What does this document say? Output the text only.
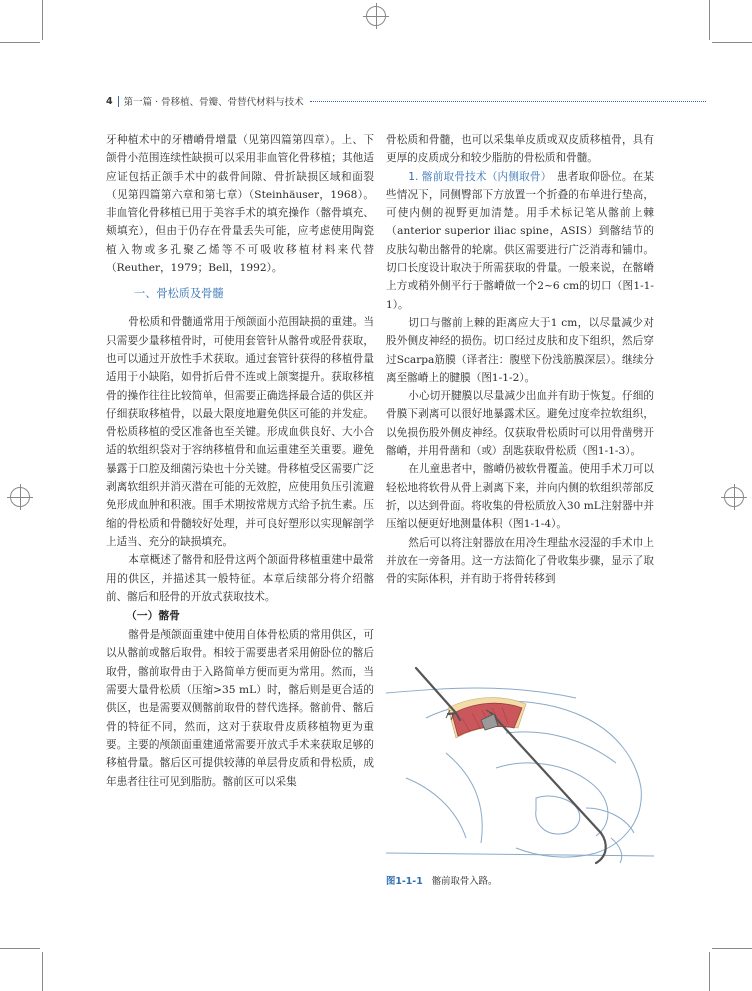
4 第一篇 · 骨移植、骨瓣、骨替代材料与技术

牙种植术中的牙槽嵴骨增量（见第四篇第四章）。上、下颌骨小范围连续性缺损可以采用非血管化骨移植；其他适应证包括正颌手术中的截骨间隙、骨折缺损区域和面裂（见第四篇第六章和第七章）（Steinhäuser，1968）。非血管化骨移植已用于美容手术的填充操作（髂骨填充、颊填充），但由于仍存在骨量丢失可能，应考虑使用陶瓷植入物或多孔聚乙烯等不可吸收移植材料来代替（Reuther，1979；Bell，1992）。

一、骨松质及骨髓

骨松质和骨髓通常用于颅颌面小范围缺损的重建。当只需要少量移植骨时，可使用套管针从髂骨或胫骨获取，也可以通过开放性手术获取。通过套管针获得的移植骨量适用于小缺陷，如骨折后骨不连或上颌窦提升。获取移植骨的操作往往比较简单，但需要正确选择最合适的供区并仔细获取移植骨，以最大限度地避免供区可能的并发症。骨松质移植的受区准备也至关键。形成血供良好、大小合适的软组织袋对于容纳移植骨和血运重建至关重要。避免暴露于口腔及细菌污染也十分关键。骨移植受区需要广泛剥离软组织并消灭潜在可能的无效腔，应使用负压引流避免形成血肿和积液。围手术期按常规方式给予抗生素。压缩的骨松质和骨髓较好处理，并可良好塑形以实现解剖学上适当、充分的缺损填充。

本章概述了髂骨和胫骨这两个颌面骨移植重建中最常用的供区，并描述其一般特征。本章后续部分将介绍髂前、髂后和胫骨的开放式获取技术。

（一）髂骨

髂骨是颅颌面重建中使用自体骨松质的常用供区，可以从髂前或髂后取骨。相较于需要患者采用俯卧位的髂后取骨，髂前取骨由于入路简单方便而更为常用。然而，当需要大量骨松质（压缩>35 mL）时，髂后则是更合适的供区，也是需要双侧髂前取骨的替代选择。髂前骨、髂后骨的特征不同，然而，这对于获取骨皮质移植物更为重要。主要的颅颌面重建通常需要开放式手术来获取足够的移植骨量。髂后区可提供较薄的单层骨皮质和骨松质，成年患者往往可见到脂肪。髂前区可以采集

骨松质和骨髓，也可以采集单皮质或双皮质移植骨，具有更厚的皮质成分和较少脂肪的骨松质和骨髓。

1. 髂前取骨技术（内侧取骨）　 患者取仰卧位。在某些情况下，同侧臀部下方放置一个折叠的布单进行垫高，可使内侧的视野更加清楚。用手术标记笔从髂前上棘（anterior superior iliac spine，ASIS）到髂结节的皮肤勾勒出髂骨的轮廓。供区需要进行广泛消毒和铺巾。切口长度设计取决于所需获取的骨量。一般来说，在髂嵴上方或稍外侧平行于髂嵴做一个2~6 cm的切口（图1-1-1）。

切口与髂前上棘的距离应大于1 cm，以尽量减少对股外侧皮神经的损伤。切口经过皮肤和皮下组织，然后穿过Scarpa筋膜（译者注：腹壁下份浅筋膜深层）。继续分离至髂嵴上的腱膜（图1-1-2）。

小心切开腱膜以尽量减少出血并有助于恢复。仔细的骨膜下剥离可以很好地暴露术区。避免过度牵拉软组织，以免损伤股外侧皮神经。仅获取骨松质时可以用骨凿劈开髂嵴，并用骨凿和（或）刮匙获取骨松质（图1-1-3）。

在儿童患者中，髂嵴仍被软骨覆盖。使用手术刀可以轻松地将软骨从骨上剥离下来，并向内侧的软组织蒂部反折，以达到骨面。将收集的骨松质放入30 mL注射器中并压缩以便更好地测量体积（图1-1-4）。

然后可以将注射器放在用冷生理盐水浸湿的手术巾上并放在一旁备用。这一方法简化了骨收集步骤，显示了取骨的实际体积，并有助于将骨转移到

图1-1-1 髂前取骨入路。
